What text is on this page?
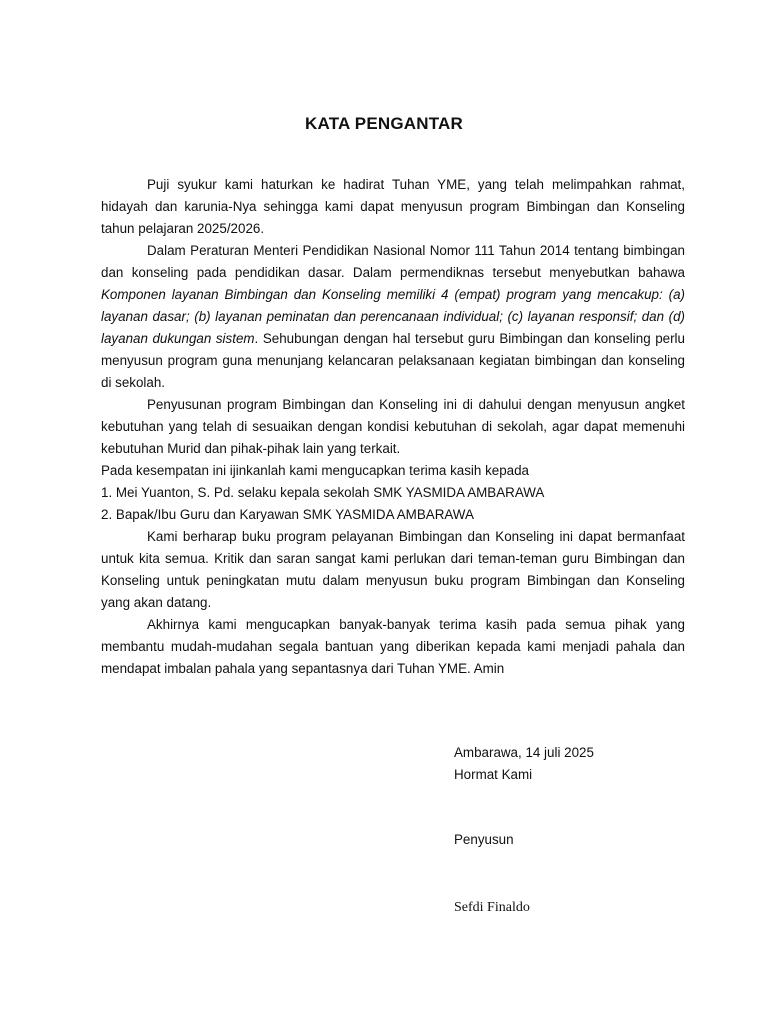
KATA PENGANTAR

Puji syukur kami haturkan ke hadirat Tuhan YME, yang telah melimpahkan rahmat, hidayah dan karunia-Nya sehingga kami dapat menyusun program Bimbingan dan Konseling tahun pelajaran 2025/2026.

Dalam Peraturan Menteri Pendidikan Nasional Nomor 111 Tahun 2014 tentang bimbingan dan konseling pada pendidikan dasar. Dalam permendiknas tersebut menyebutkan bahawa Komponen layanan Bimbingan dan Konseling memiliki 4 (empat) program yang mencakup: (a) layanan dasar; (b) layanan peminatan dan perencanaan individual; (c) layanan responsif; dan (d) layanan dukungan sistem. Sehubungan dengan hal tersebut guru Bimbingan dan konseling perlu menyusun program guna menunjang kelancaran pelaksanaan kegiatan bimbingan dan konseling di sekolah.

Penyusunan program Bimbingan dan Konseling ini di dahului dengan menyusun angket kebutuhan yang telah di sesuaikan dengan kondisi kebutuhan di sekolah, agar dapat memenuhi kebutuhan Murid dan pihak-pihak lain yang terkait.

Pada kesempatan ini ijinkanlah kami mengucapkan terima kasih kepada

1. Mei Yuanton, S. Pd. selaku kepala sekolah SMK YASMIDA AMBARAWA

2. Bapak/Ibu Guru dan Karyawan SMK YASMIDA AMBARAWA

Kami berharap buku program pelayanan Bimbingan dan Konseling ini dapat bermanfaat untuk kita semua. Kritik dan saran sangat kami perlukan dari teman-teman guru Bimbingan dan Konseling untuk peningkatan mutu dalam menyusun buku program Bimbingan dan Konseling yang akan datang.

Akhirnya kami mengucapkan banyak-banyak terima kasih pada semua pihak yang membantu mudah-mudahan segala bantuan yang diberikan kepada kami menjadi pahala dan mendapat imbalan pahala yang sepantasnya dari Tuhan YME. Amin

Ambarawa, 14 juli 2025

Hormat Kami

Penyusun

Sefdi Finaldo
